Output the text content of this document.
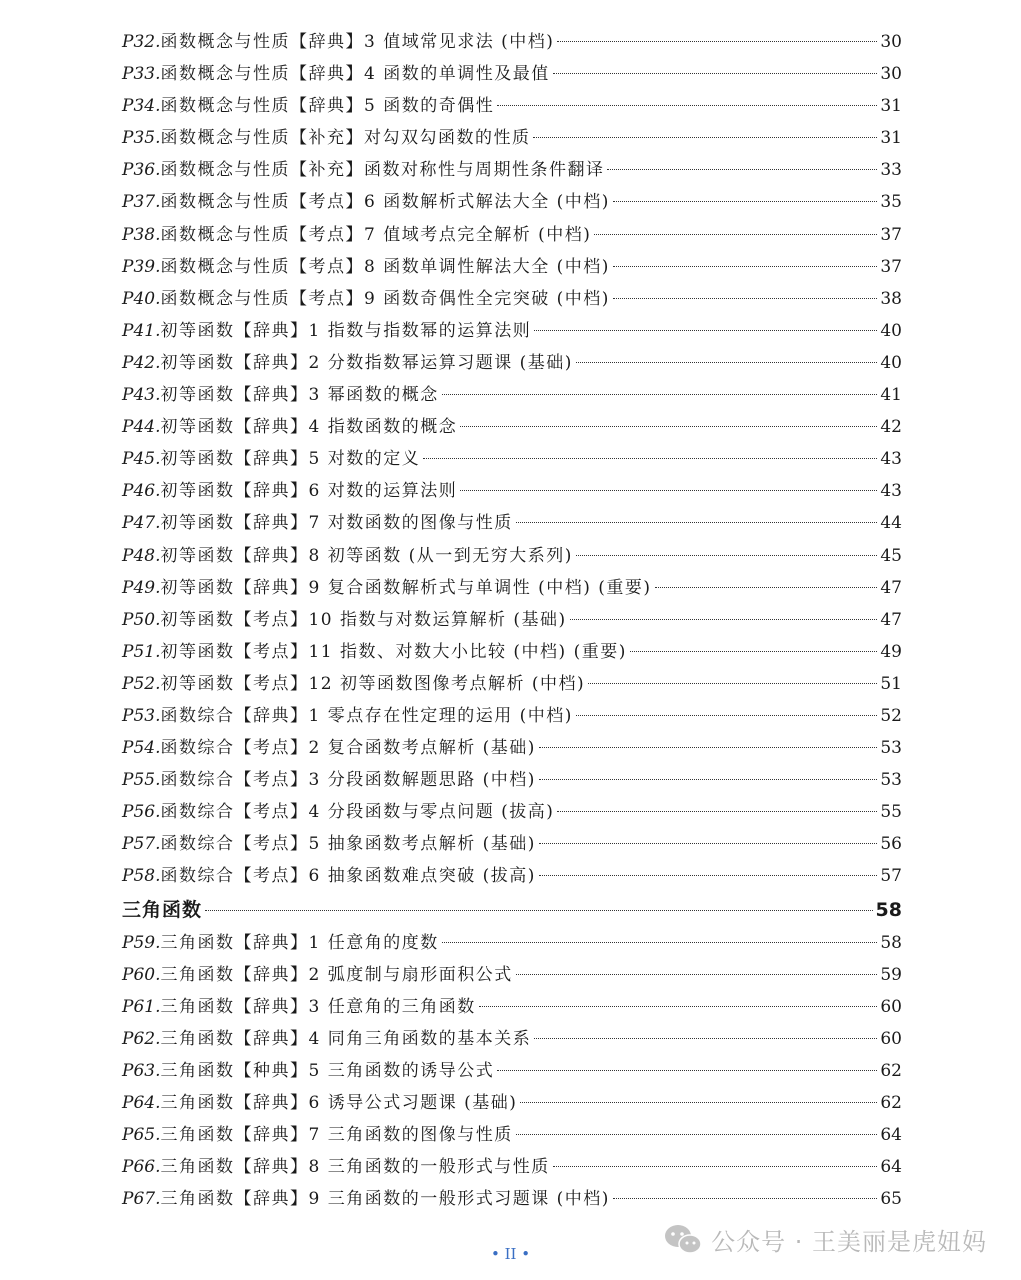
P32. 函数概念与性质【辞典】3 值域常见求法 (中档)	30
P33. 函数概念与性质【辞典】4 函数的单调性及最值	30
P34. 函数概念与性质【辞典】5 函数的奇偶性	31
P35. 函数概念与性质【补充】对勾双勾函数的性质	31
P36. 函数概念与性质【补充】函数对称性与周期性条件翻译	33
P37. 函数概念与性质【考点】6 函数解析式解法大全 (中档)	35
P38. 函数概念与性质【考点】7 值域考点完全解析 (中档)	37
P39. 函数概念与性质【考点】8 函数单调性解法大全 (中档)	37
P40. 函数概念与性质【考点】9 函数奇偶性全完突破 (中档)	38
P41. 初等函数【辞典】1 指数与指数幂的运算法则	40
P42. 初等函数【辞典】2 分数指数幂运算习题课 (基础)	40
P43. 初等函数【辞典】3 幂函数的概念	41
P44. 初等函数【辞典】4 指数函数的概念	42
P45. 初等函数【辞典】5 对数的定义	43
P46. 初等函数【辞典】6 对数的运算法则	43
P47. 初等函数【辞典】7 对数函数的图像与性质	44
P48. 初等函数【辞典】8 初等函数 (从一到无穷大系列)	45
P49. 初等函数【辞典】9 复合函数解析式与单调性 (中档) (重要)	47
P50. 初等函数【考点】10 指数与对数运算解析 (基础)	47
P51. 初等函数【考点】11 指数、对数大小比较 (中档) (重要)	49
P52. 初等函数【考点】12 初等函数图像考点解析 (中档)	51
P53. 函数综合【辞典】1 零点存在性定理的运用 (中档)	52
P54. 函数综合【考点】2 复合函数考点解析 (基础)	53
P55. 函数综合【考点】3 分段函数解题思路 (中档)	53
P56. 函数综合【考点】4 分段函数与零点问题 (拔高)	55
P57. 函数综合【考点】5 抽象函数考点解析 (基础)	56
P58. 函数综合【考点】6 抽象函数难点突破 (拔高)	57
三角函数	58
P59. 三角函数【辞典】1 任意角的度数	58
P60. 三角函数【辞典】2 弧度制与扇形面积公式	59
P61. 三角函数【辞典】3 任意角的三角函数	60
P62. 三角函数【辞典】4 同角三角函数的基本关系	60
P63. 三角函数【种典】5 三角函数的诱导公式	62
P64. 三角函数【辞典】6 诱导公式习题课 (基础)	62
P65. 三角函数【辞典】7 三角函数的图像与性质	64
P66. 三角函数【辞典】8 三角函数的一般形式与性质	64
P67. 三角函数【辞典】9 三角函数的一般形式习题课 (中档)	65
• II •	公众号 · 王美丽是虎妞妈
